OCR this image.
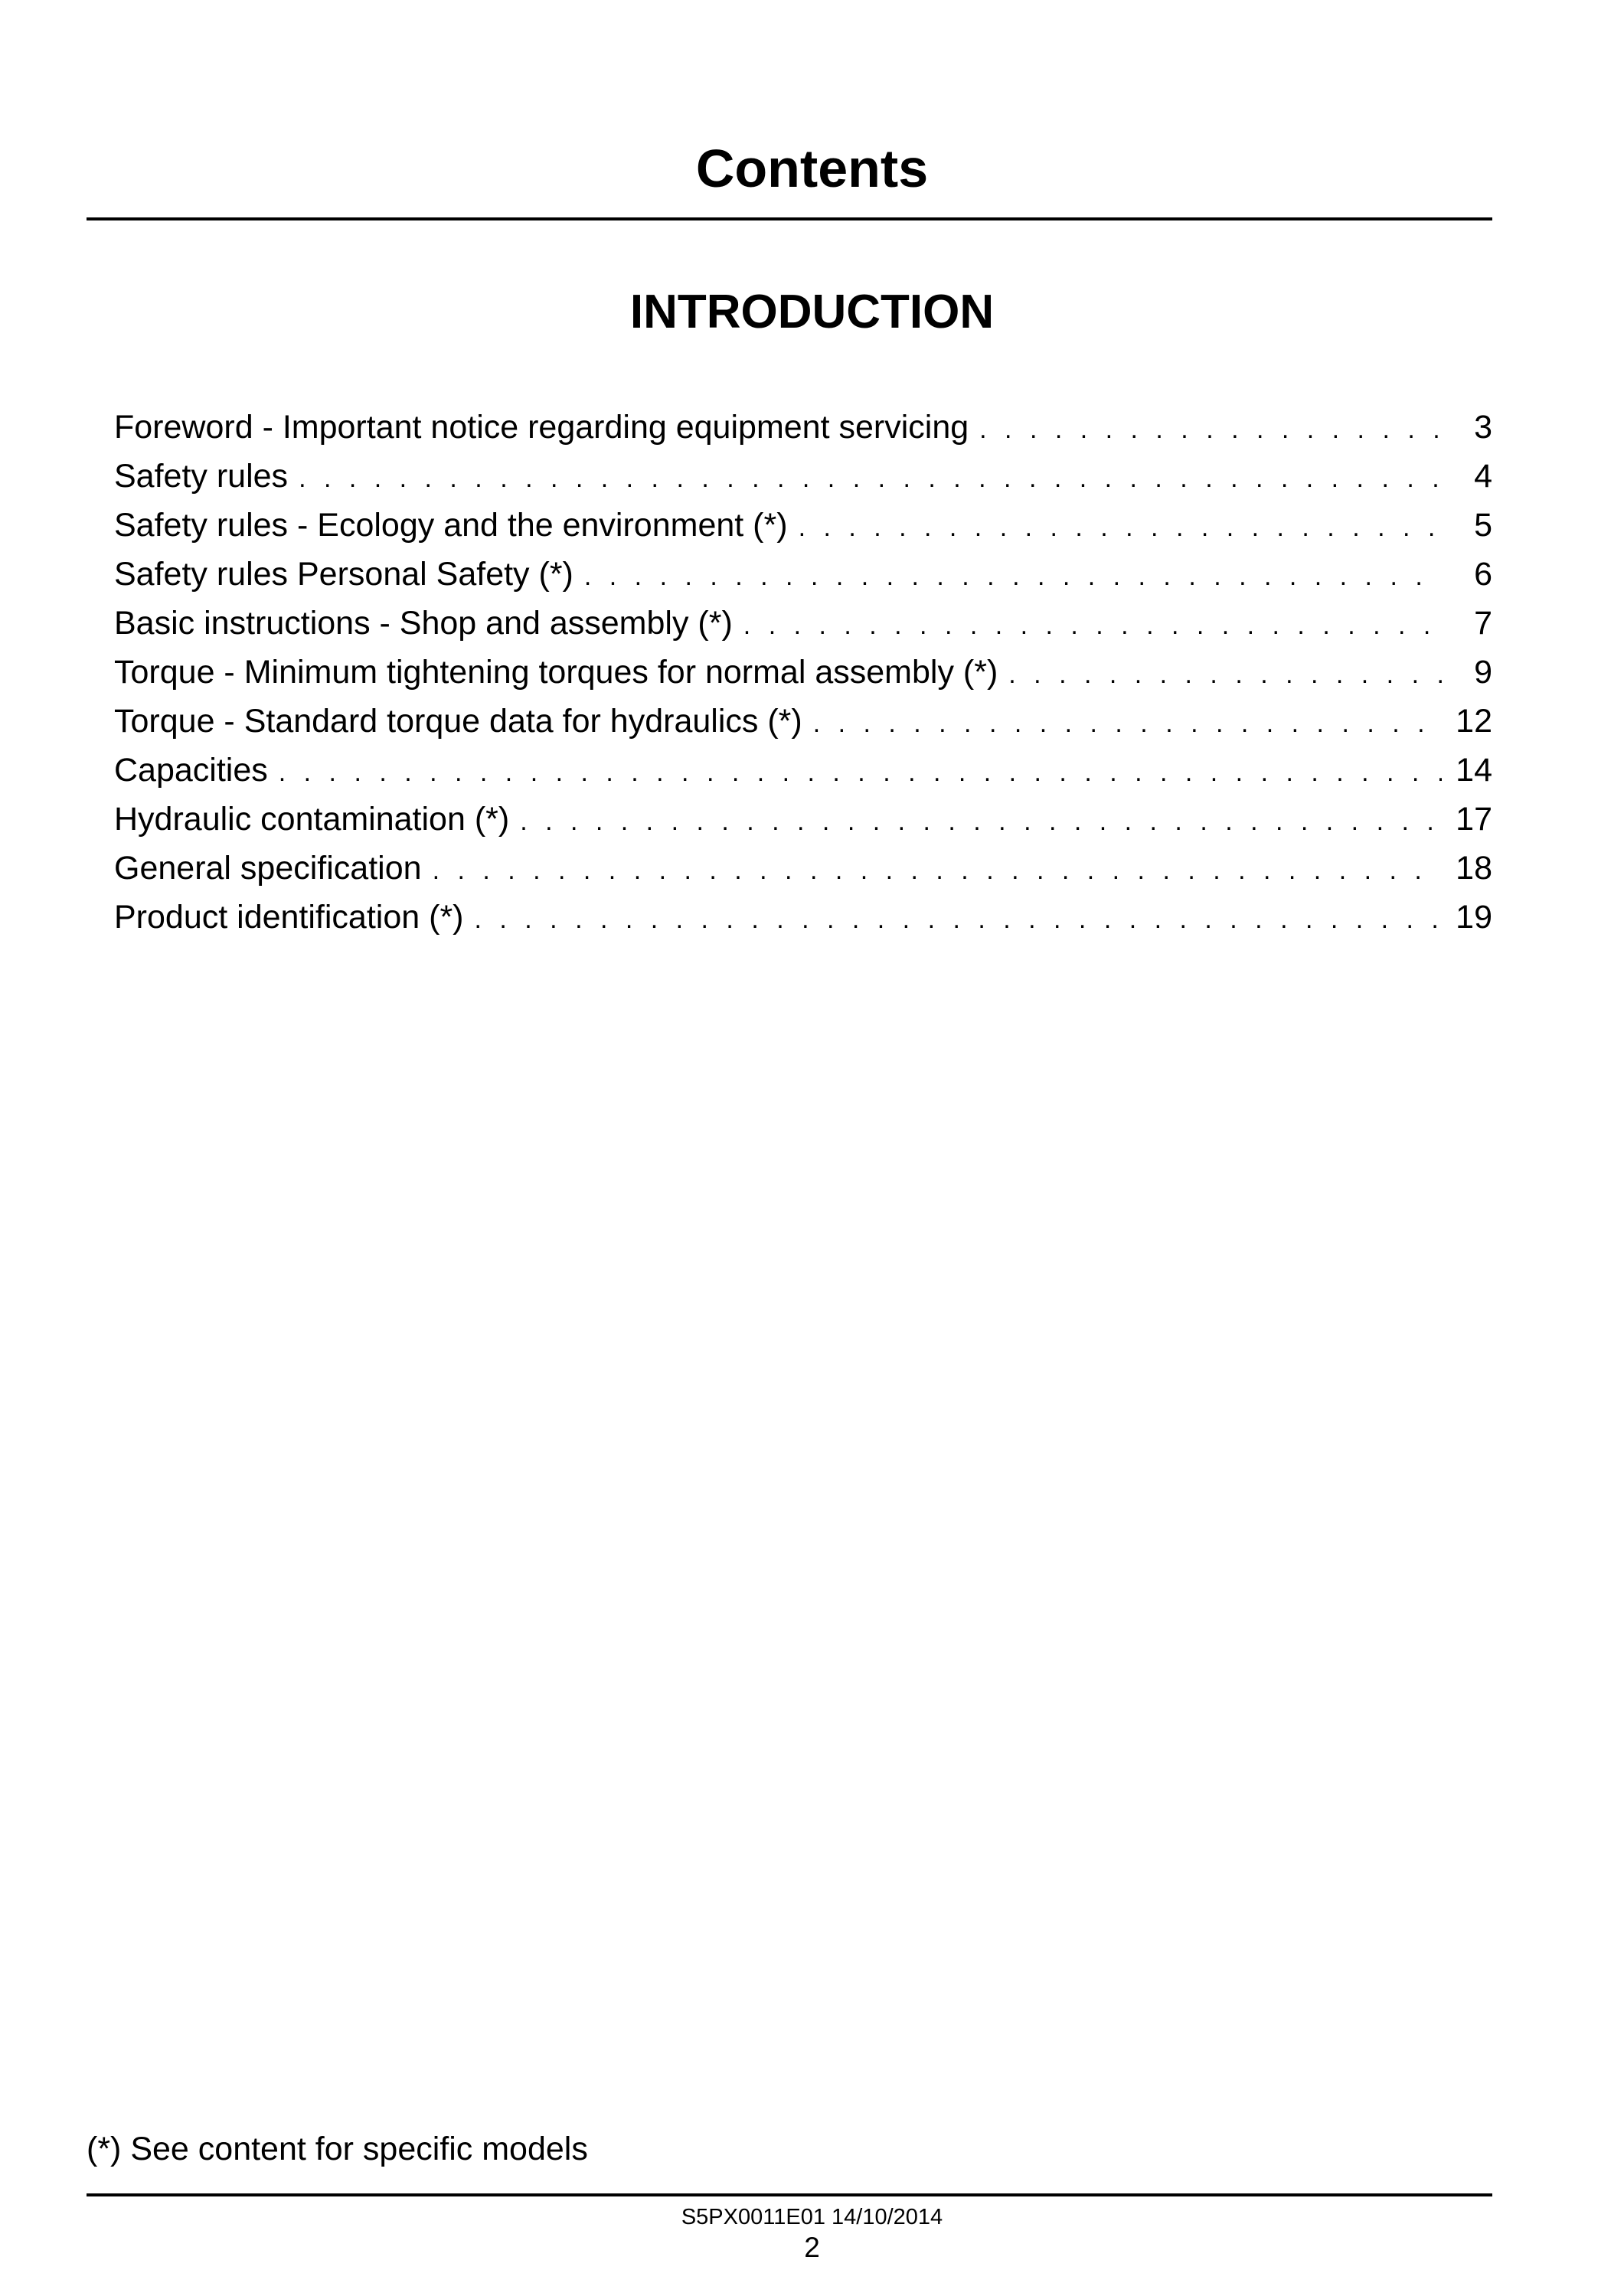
Contents
INTRODUCTION
Foreword - Important notice regarding equipment servicing . . .	3
Safety rules . . .	4
Safety rules - Ecology and the environment (*) . . .	5
Safety rules Personal Safety (*) . . .	6
Basic instructions - Shop and assembly (*) . . .	7
Torque - Minimum tightening torques for normal assembly (*) . . .	9
Torque - Standard torque data for hydraulics (*) . . .	12
Capacities . . .	14
Hydraulic contamination (*) . . .	17
General specification . . .	18
Product identification (*) . . .	19
(*) See content for specific models
S5PX0011E01 14/10/2014
2
